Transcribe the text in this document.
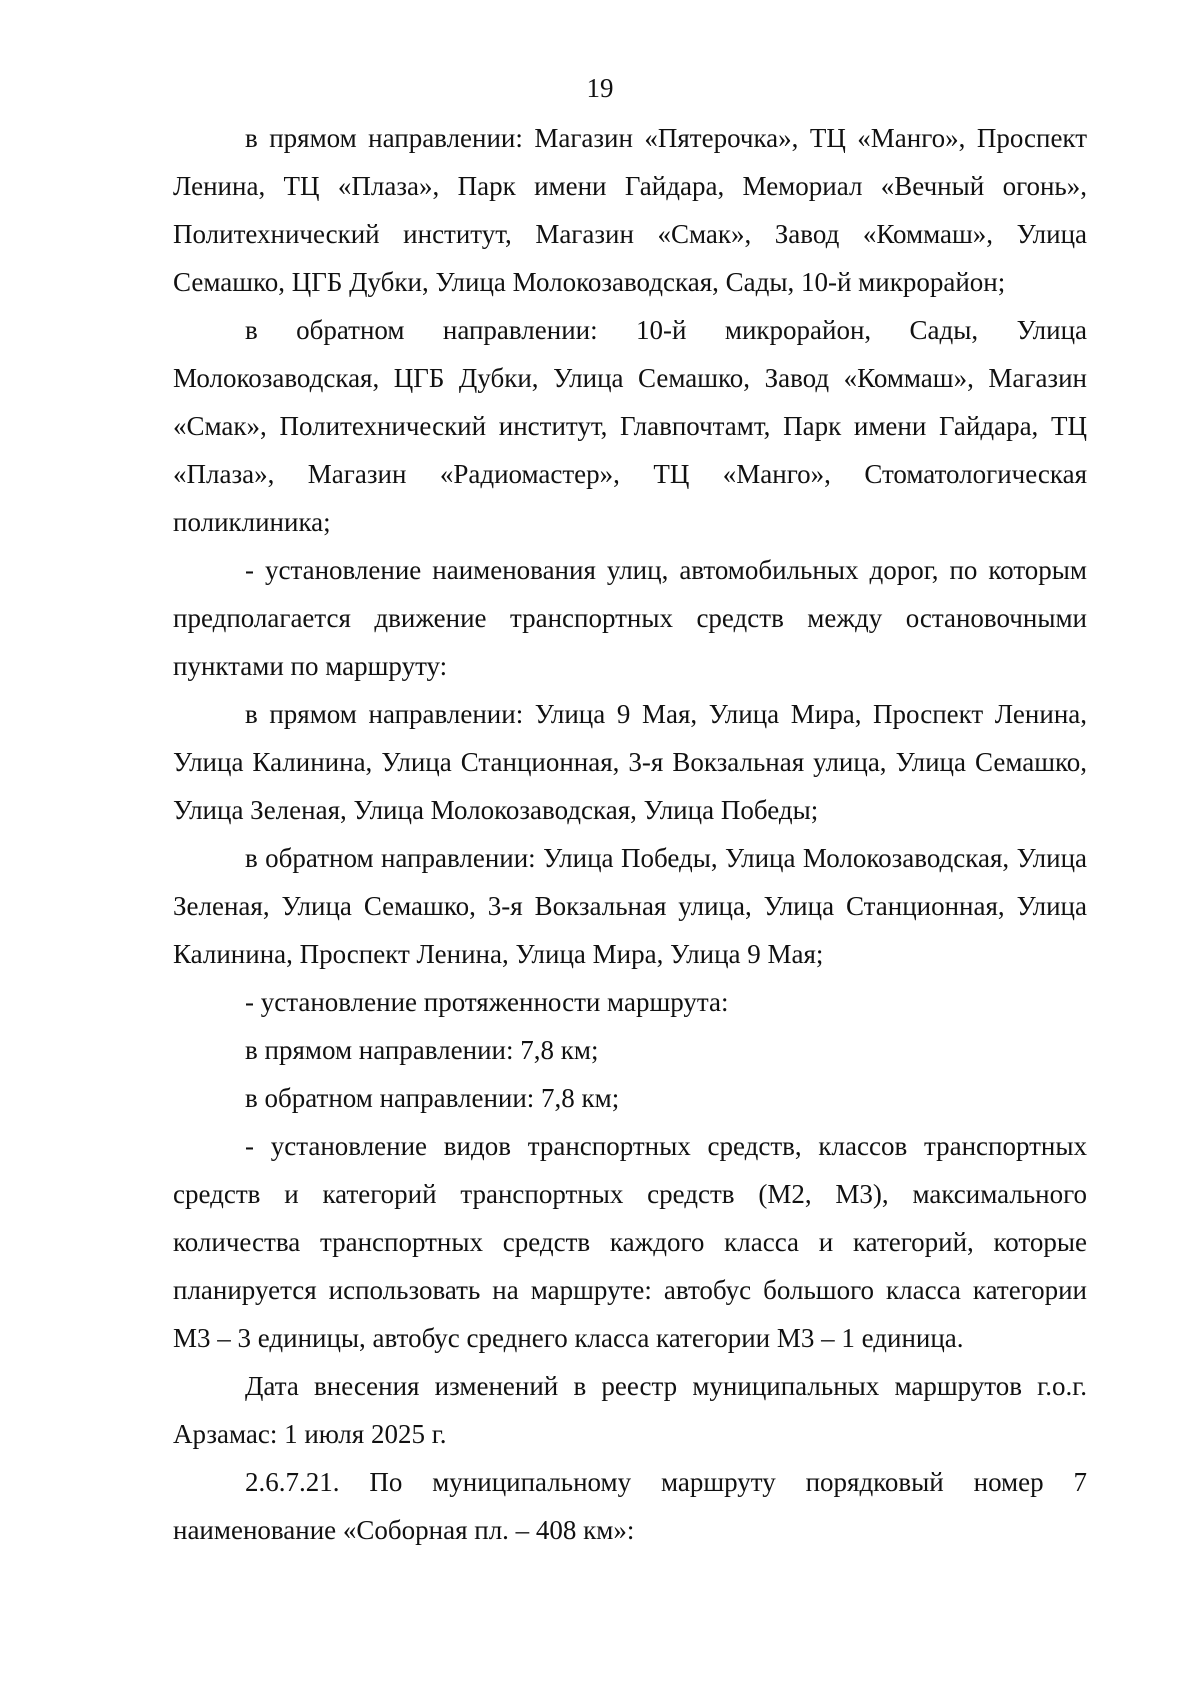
19

в прямом направлении: Магазин «Пятерочка», ТЦ «Манго», Проспект Ленина, ТЦ «Плаза», Парк имени Гайдара, Мемориал «Вечный огонь», Политехнический институт, Магазин «Смак», Завод «Коммаш», Улица Семашко, ЦГБ Дубки, Улица Молокозаводская, Сады, 10-й микрорайон;

в обратном направлении: 10-й микрорайон, Сады, Улица Молокозаводская, ЦГБ Дубки, Улица Семашко, Завод «Коммаш», Магазин «Смак», Политехнический институт, Главпочтамт, Парк имени Гайдара, ТЦ «Плаза», Магазин «Радиомастер», ТЦ «Манго», Стоматологическая поликлиника;

- установление наименования улиц, автомобильных дорог, по которым предполагается движение транспортных средств между остановочными пунктами по маршруту:

в прямом направлении: Улица 9 Мая, Улица Мира, Проспект Ленина, Улица Калинина, Улица Станционная, 3-я Вокзальная улица, Улица Семашко, Улица Зеленая, Улица Молокозаводская, Улица Победы;

в обратном направлении: Улица Победы, Улица Молокозаводская, Улица Зеленая, Улица Семашко, 3-я Вокзальная улица, Улица Станционная, Улица Калинина, Проспект Ленина, Улица Мира, Улица 9 Мая;

- установление протяженности маршрута:

в прямом направлении: 7,8 км;

в обратном направлении: 7,8 км;

- установление видов транспортных средств, классов транспортных средств и категорий транспортных средств (М2, М3), максимального количества транспортных средств каждого класса и категорий, которые планируется использовать на маршруте: автобус большого класса категории М3 – 3 единицы, автобус среднего класса категории М3 – 1 единица.

Дата внесения изменений в реестр муниципальных маршрутов г.о.г. Арзамас: 1 июля 2025 г.

2.6.7.21. По муниципальному маршруту порядковый номер 7 наименование «Соборная пл. – 408 км»:
